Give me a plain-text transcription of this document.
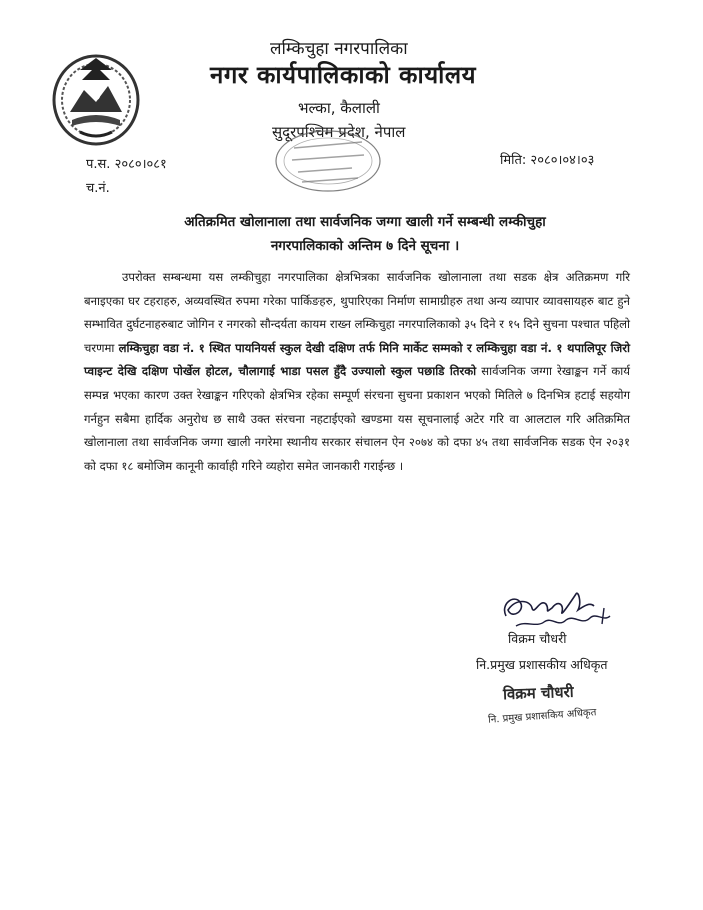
लम्किचुहा नगरपालिका
नगर कार्यपालिकाको कार्यालय
भल्का, कैलाली
सुदूरपश्चिम प्रदेश, नेपाल
प.स. २०८०।०८१
च.नं.
मिति: २०८०।०४।०३
अतिक्रमित खोलानाला तथा सार्वजनिक जग्गा खाली गर्ने सम्बन्धी लम्कीचुहा
नगरपालिकाको अन्तिम ७ दिने सूचना ।

उपरोक्त सम्बन्धमा यस लम्कीचुहा नगरपालिका क्षेत्रभित्रका सार्वजनिक खोलानाला तथा सडक क्षेत्र अतिक्रमण गरि बनाइएका घर टहराहरु, अव्यवस्थित रुपमा गरेका पार्किङहरु, थुपारिएका निर्माण सामाग्रीहरु तथा अन्य व्यापार व्यावसायहरु बाट हुने सम्भावित दुर्घटनाहरुबाट जोगिन र नगरको सौन्दर्यता कायम राख्न लम्किचुहा नगरपालिकाको ३५ दिने र १५ दिने सुचना पश्चात पहिलो चरणमा लम्किचुहा वडा नं. १ स्थित पायनियर्स स्कुल देखी दक्षिण तर्फ मिनि मार्केट सम्मको र लम्किचुहा वडा नं. १ थपालिपूर जिरो प्वाइन्ट देखि दक्षिण पोर्खेल होटल, चौलागाई भाडा पसल हुँदै उज्यालो स्कुल पछाडि तिरको सार्वजनिक जग्गा रेखाङ्कन गर्ने कार्य सम्पन्न भएका कारण उक्त रेखाङ्कन गरिएको क्षेत्रभित्र रहेका सम्पूर्ण संरचना सुचना प्रकाशन भएको मितिले ७ दिनभित्र हटाई सहयोग गर्नहुन सबैमा हार्दिक अनुरोध छ साथै उक्त संरचना नहटाईएको खण्डमा यस सूचनालाई अटेर गरि वा आलटाल गरि अतिक्रमित खोलानाला तथा सार्वजनिक जग्गा खाली नगरेमा स्थानीय सरकार संचालन ऐन २०७४ को दफा ४५ तथा सार्वजनिक सडक ऐन २०३१ को दफा १८ बमोजिम कानूनी कार्वाही गरिने व्यहोरा समेत जानकारी गराईन्छ ।

विक्रम चौधरी
नि.प्रमुख प्रशासकीय अधिकृत
विक्रम चौधरी
नि. प्रमुख प्रशासकिय अधिकृत
